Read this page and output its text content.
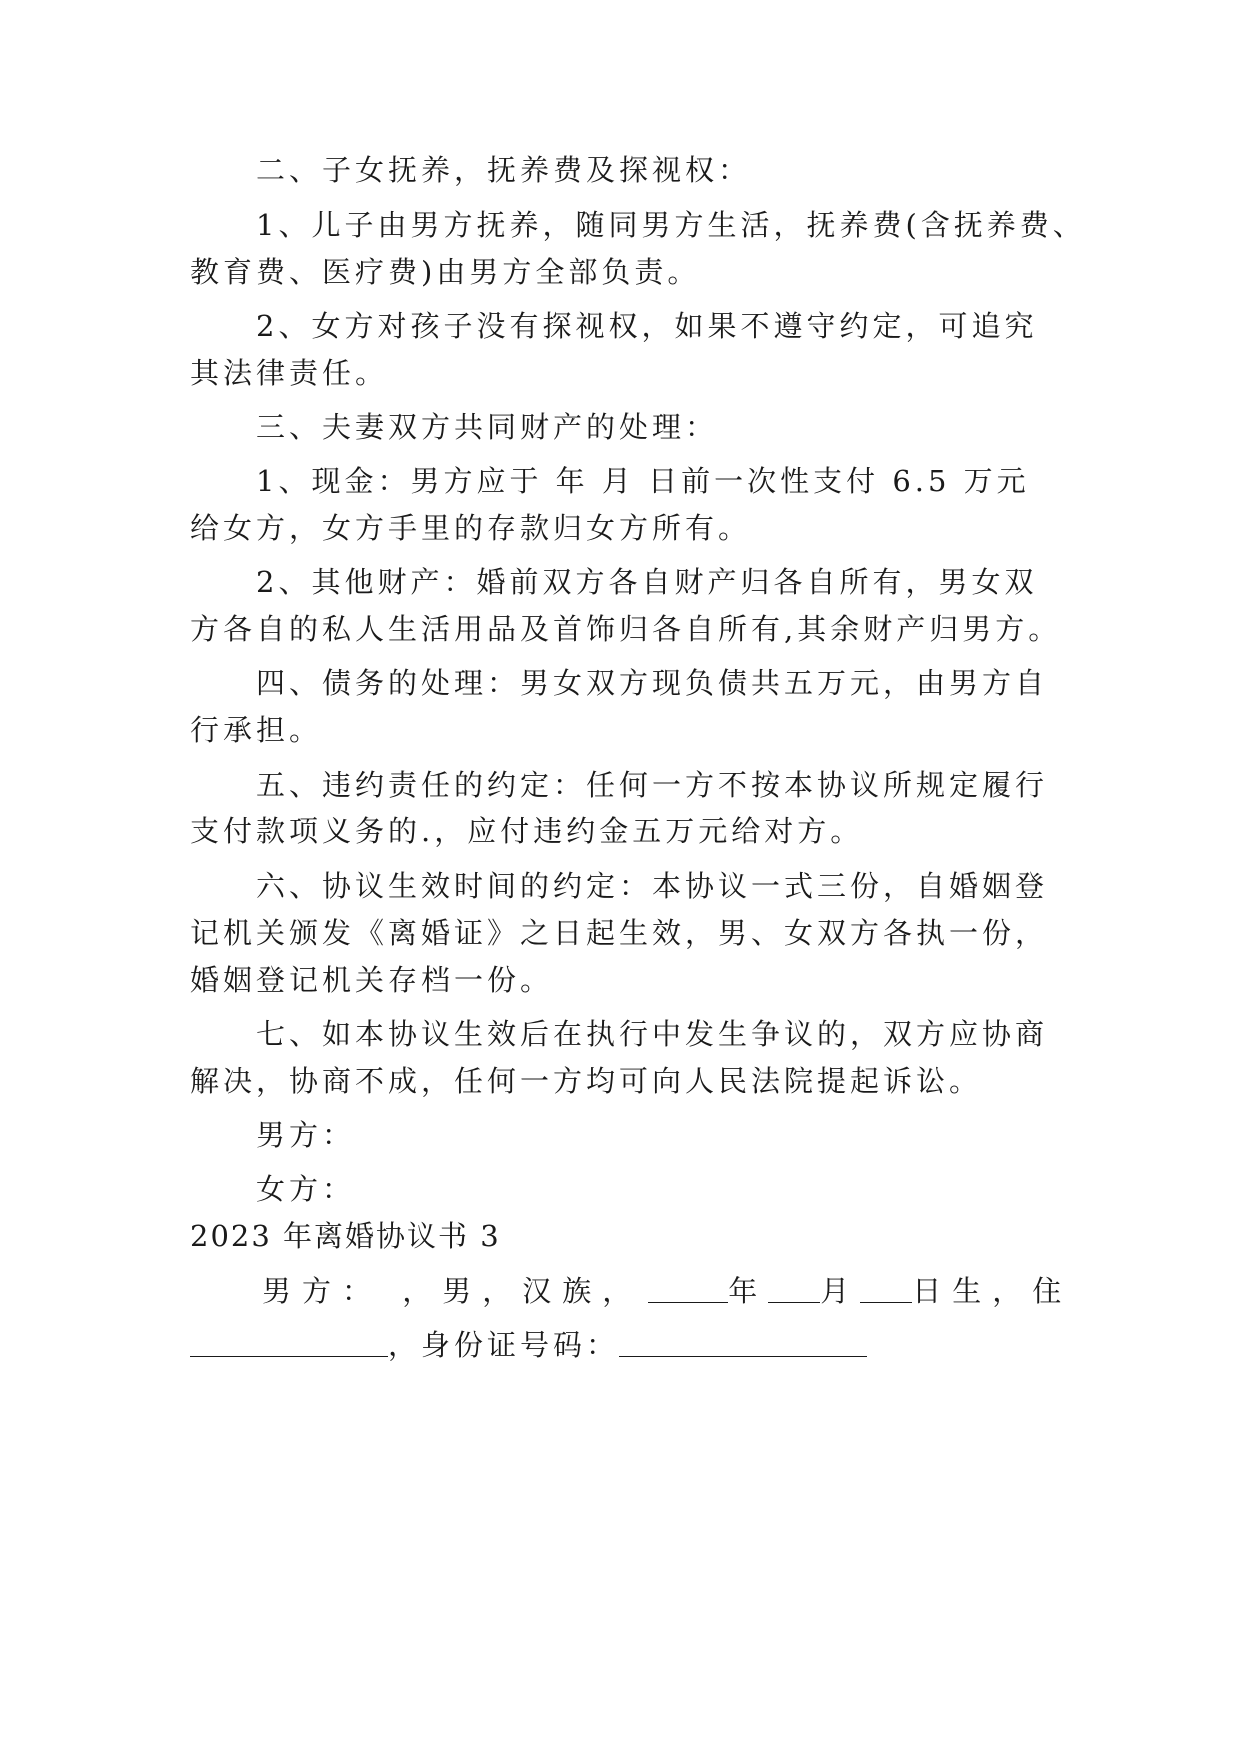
二、子女抚养，抚养费及探视权：
1、儿子由男方抚养，随同男方生活，抚养费(含抚养费、
教育费、医疗费)由男方全部负责。
2、女方对孩子没有探视权，如果不遵守约定，可追究
其法律责任。
三、夫妻双方共同财产的处理：
1、现金：男方应于 年 月 日前一次性支付 6.5 万元
给女方，女方手里的存款归女方所有。
2、其他财产：婚前双方各自财产归各自所有，男女双
方各自的私人生活用品及首饰归各自所有,其余财产归男方。
四、债务的处理：男女双方现负债共五万元，由男方自
行承担。
五、违约责任的约定：任何一方不按本协议所规定履行
支付款项义务的.，应付违约金五万元给对方。
六、协议生效时间的约定：本协议一式三份，自婚姻登
记机关颁发《离婚证》之日起生效，男、女双方各执一份，
婚姻登记机关存档一份。
七、如本协议生效后在执行中发生争议的，双方应协商
解决，协商不成，任何一方均可向人民法院提起诉讼。
男方：
女方：
2023 年离婚协议书 3
男方： ，男，汉族，	年 月 日生，住
，身份证号码：
